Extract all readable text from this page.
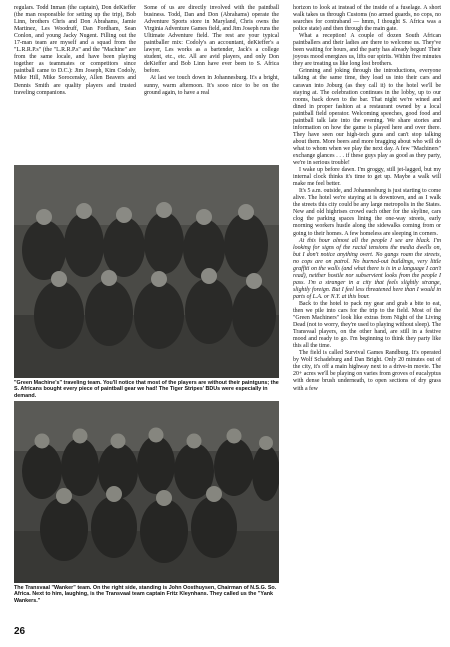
regulars. Todd Inman (the captain), Don deKieffer (the man responsible for setting up the trip), Bob Linn, brothers Chris and Don Abrahams, Jamie Martinez, Les Woodruff, Dan Fordham, Sean Conlon, and young Jacky Nugent. Filling out the 17-man team are myself and a squad from the "L.R.R.P.s" (the "L.R.R.P.s" and the "Machine" are from the same locale, and have been playing together as teammates or competitors since paintball came to D.C.): Jim Joseph, Kim Codoly, Mike Hill, Mike Sorocensky, Allen Beavers and Dennis Smith are quality players and trusted traveling companions.

Some of us are directly involved with the paintball business. Todd, Dan and Don (Abrahams) operate the Adventure Sports store in Maryland, Chris owns the Virginia Adventure Games field, and Jim Joseph runs the Ultimate Adventure field. The rest are your typical paintballer mix: Codoly's an accountant, deKieffer's a lawyer, Les works as a bartender, Jack's a college student, etc., etc. All are avid players, and only Don deKieffer and Bob Linn have ever been to S. Africa before.

At last we touch down in Johannesburg. It's a bright, sunny, warm afternoon. It's sooo nice to be on the ground again, to have a real

horizon to look at instead of the inside of a fuselage. A short walk takes us through Customs (no armed guards, no cops, no searches for contraband — hmm, I thought S. Africa was a police state) and then through the main gate.

What a reception! A couple of dozen South African paintballers and their ladies are there to welcome us. They've been waiting for hours, and the party has already begun! Their joyous mood energizes us, lifts our spirits. Within five minutes they are treating us like long lost brothers.

Grinning and joking through the introductions, everyone talking at the same time, they load us into their cars and caravan into Joburg (as they call it) to the hotel we'll be staying at. The celebration continues in the lobby, up to our rooms, back down to the bar. That night we're wined and dined in proper fashion at a restaurant owned by a local paintball field operator. Welcoming speeches, good food and paintball talk late into the evening. We share stories and information on how the game is played here and over there. They have seen our high-tech guns and can't stop talking about them. More beers and more bragging about who will do what to whom when we play the next day. A few "Machiners" exchange glances . . . if these guys play as good as they party, we're in serious trouble!

I wake up before dawn. I'm groggy, still jet-lagged, but my internal clock thinks it's time to get up. Maybe a walk will make me feel better.

It's 5 a.m. outside, and Johannesburg is just starting to come alive. The hotel we're staying at is downtown, and as I walk the streets this city could be any large metropolis in the States. New and old highrises crowd each other for the skyline, cars clog the parking spaces lining the one-way streets, early morning workers hustle along the sidewalks coming from or going to their homes. A few homeless are sleeping in corners.

At this hour almost all the people I see are black. I'm looking for signs of the racial tensions the media dwells on, but I don't notice anything overt. No gangs roam the streets, no cops are on patrol. No burned-out buildings, very little graffiti on the walls (and what there is is in a language I can't read), neither hostile nor subservient looks from the people I pass. I'm a stranger in a city that feels slightly strange, slightly foreign. But I feel less threatened here than I would in parts of L.A. or N.Y. at this hour.

Back to the hotel to pack my gear and grab a bite to eat, then we pile into cars for the trip to the field. Most of the "Green Machiners" look like extras from Night of the Living Dead (not to worry, they're used to playing without sleep). The Transvaal players, on the other hand, are still in a festive mood and ready to go. I'm beginning to think they party like this all the time.

The field is called Survival Games Randburg. It's operated by Wolf Schadeburg and Dan Bright. Only 20 minutes out of the city, it's off a main highway next to a drive-in movie. The 20+ acres we'll be playing on varies from groves of eucalyptus with dense brush underneath, to open sections of dry grass with a few

"Green Machine's" traveling team. You'll notice that most of the players are without their paintguns; the S. Africans bought every piece of paintball gear we had! The Tiger Stripes' BDUs were especially in demand.
The Transvaal "Wanker" team. On the right side, standing is John Oosthuysen, Chairman of N.S.G. So. Africa. Next to him, laughing, is the Transvaal team captain Fritz Kleynhans. They called us the "Yank Wankers."
26
